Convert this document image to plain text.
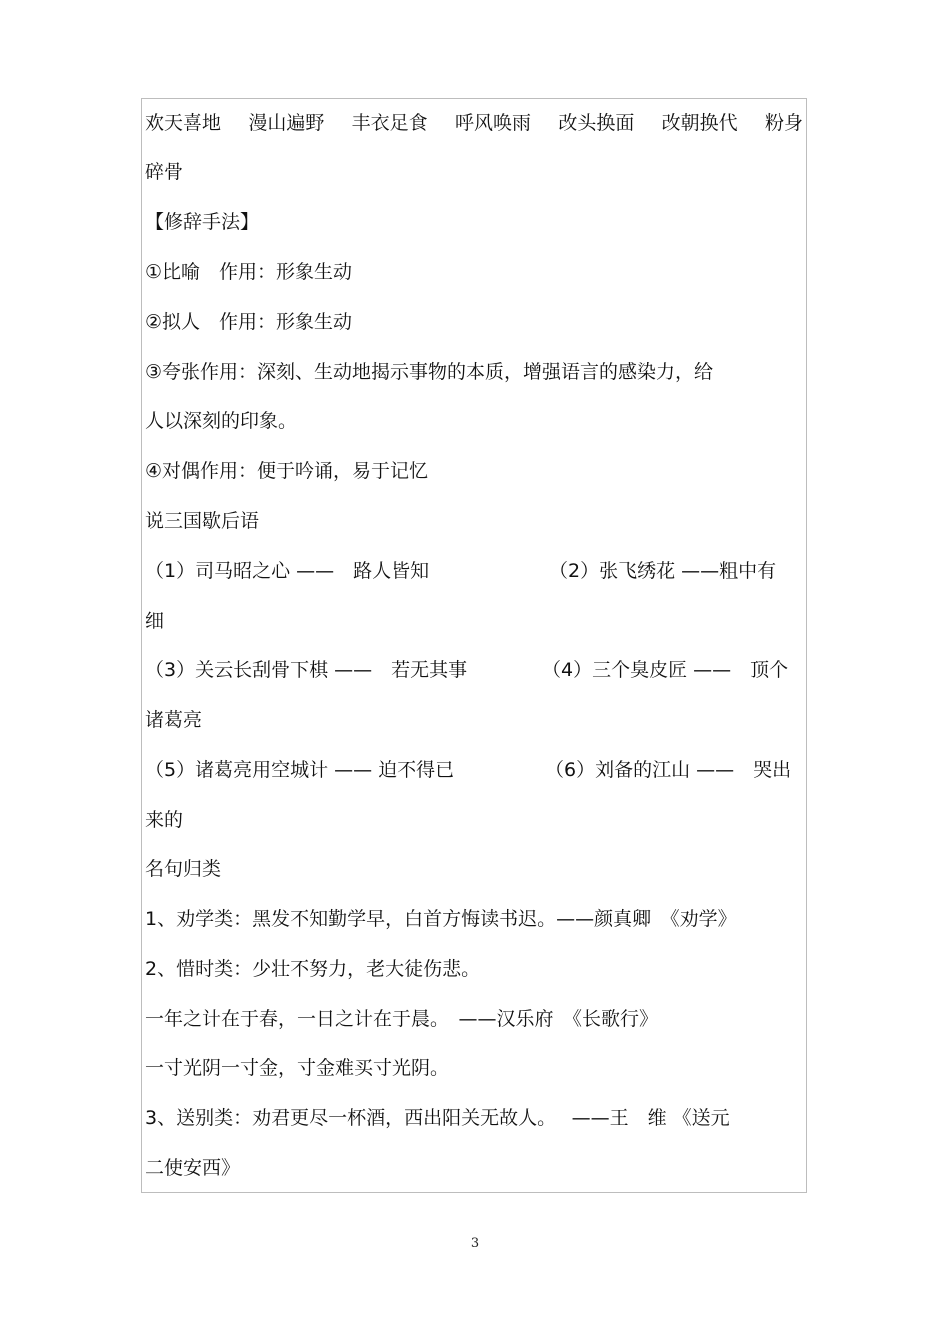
欢天喜地 漫山遍野 丰衣足食 呼风唤雨 改头换面 改朝换代 粉身
碎骨
【修辞手法】
①比喻　作用：形象生动
②拟人　作用：形象生动
③夸张作用：深刻、生动地揭示事物的本质，增强语言的感染力，给
人以深刻的印象。
④对偶作用：便于吟诵，易于记忆
说三国歇后语
（1）司马昭之心 ——　路人皆知	（2）张飞绣花 ——粗中有
细
（3）关云长刮骨下棋 ——　若无其事	（4）三个臭皮匠 ——　顶个
诸葛亮
（5）诸葛亮用空城计 —— 迫不得已	（6）刘备的江山 ——　哭出
来的
名句归类
1、劝学类：黑发不知勤学早，白首方悔读书迟。——颜真卿　《劝学》
2、惜时类：少壮不努力，老大徒伤悲。
一年之计在于春，一日之计在于晨。　——汉乐府　《长歌行》
一寸光阴一寸金，寸金难买寸光阴。
3、送别类：劝君更尽一杯酒，西出阳关无故人。　 ——王　维 《送元
二使安西》
3
